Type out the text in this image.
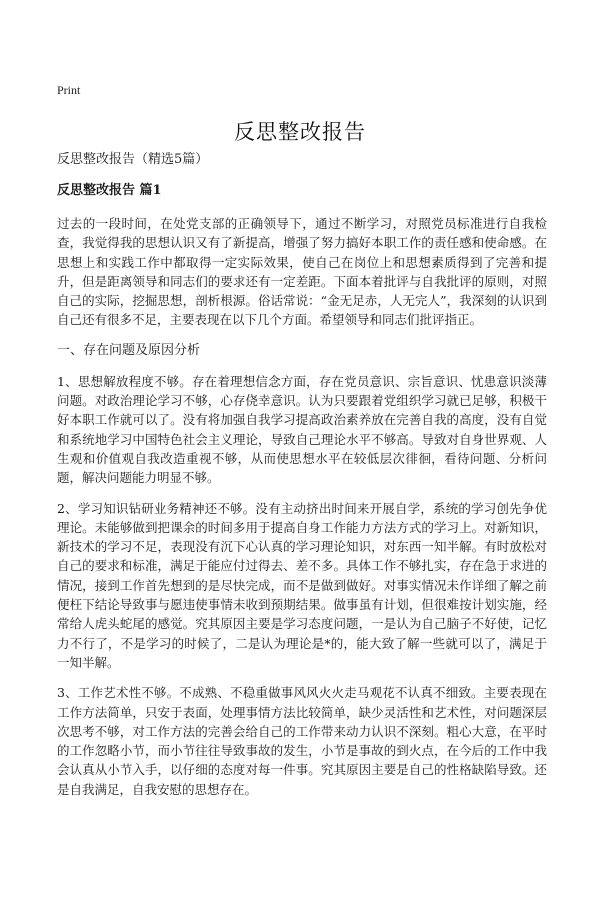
Print
反思整改报告

反思整改报告（精选5篇）

反思整改报告 篇1

过去的一段时间，在处党支部的正确领导下，通过不断学习，对照党员标准进行自我检查，我觉得我的思想认识又有了新提高，增强了努力搞好本职工作的责任感和使命感。在思想上和实践工作中都取得一定实际效果，使自己在岗位上和思想素质得到了完善和提升，但是距离领导和同志们的要求还有一定差距。下面本着批评与自我批评的原则，对照自己的实际，挖掘思想，剖析根源。俗话常说：“金无足赤，人无完人”，我深刻的认识到自己还有很多不足，主要表现在以下几个方面。希望领导和同志们批评指正。

一、存在问题及原因分析

1、思想解放程度不够。存在着理想信念方面，存在党员意识、宗旨意识、忧患意识淡薄问题。对政治理论学习不够，心存侥幸意识。认为只要跟着党组织学习就已足够，积极干好本职工作就可以了。没有将加强自我学习提高政治素养放在完善自我的高度，没有自觉和系统地学习中国特色社会主义理论，导致自己理论水平不够高。导致对自身世界观、人生观和价值观自我改造重视不够，从而使思想水平在较低层次徘徊，看待问题、分析问题，解决问题能力明显不够。

2、学习知识钻研业务精神还不够。没有主动挤出时间来开展自学，系统的学习创先争优理论。未能够做到把课余的时间多用于提高自身工作能力方法方式的学习上。对新知识，新技术的学习不足，表现没有沉下心认真的学习理论知识，对东西一知半解。有时放松对自己的要求和标准，满足于能应付过得去、差不多。具体工作不够扎实，存在急于求进的情况，接到工作首先想到的是尽快完成，而不是做到做好。对事实情况未作详细了解之前便枉下结论导致事与愿违使事情未收到预期结果。做事虽有计划，但很难按计划实施，经常给人虎头蛇尾的感觉。究其原因主要是学习态度问题，一是认为自己脑子不好使，记忆力不行了，不是学习的时候了，二是认为理论是*的，能大致了解一些就可以了，满足于一知半解。

3、工作艺术性不够。不成熟、不稳重做事风风火火走马观花不认真不细致。主要表现在工作方法简单，只安于表面，处理事情方法比较简单，缺少灵活性和艺术性，对问题深层次思考不够，对工作方法的完善会给自己的工作带来动力认识不深刻。粗心大意，在平时的工作忽略小节，而小节往往导致事故的发生，小节是事故的到火点，在今后的工作中我会认真从小节入手，以仔细的态度对每一件事。究其原因主要是自己的性格缺陷导致。还是自我满足，自我安慰的思想存在。
